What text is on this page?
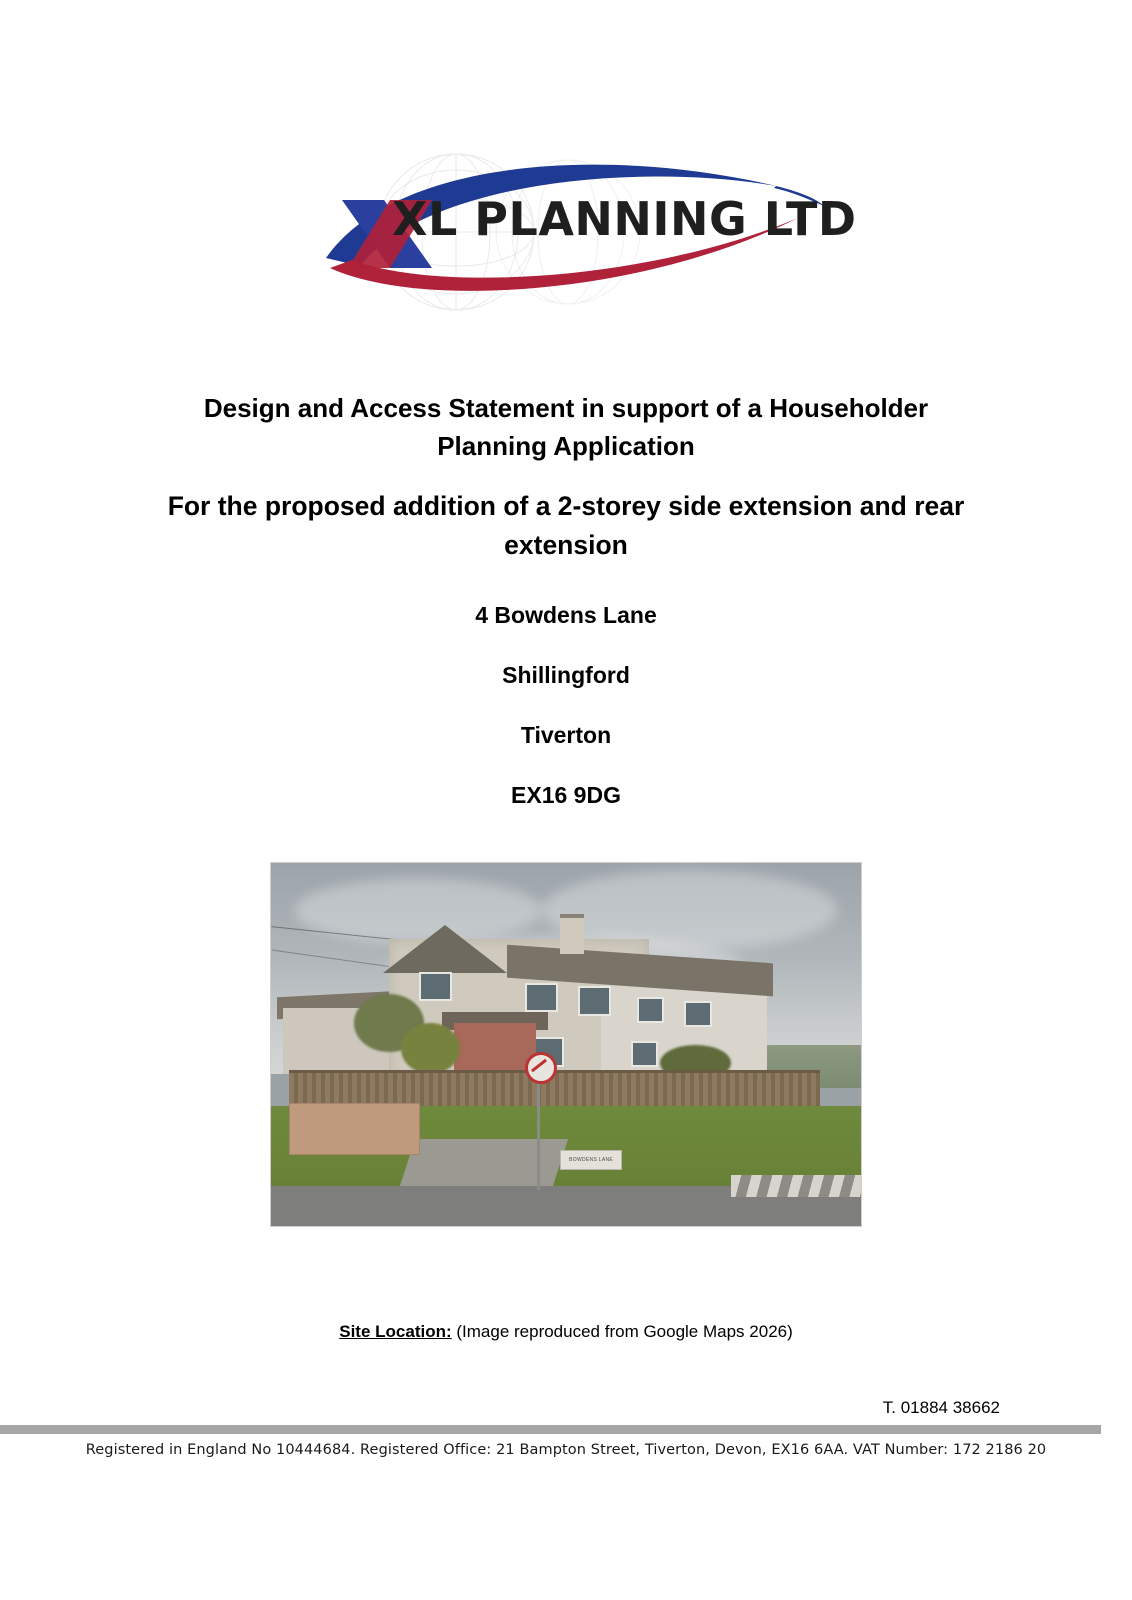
XL PLANNING LTD

Design and Access Statement in support of a Householder

Planning Application

For the proposed addition of a 2-storey side extension and rear

extension

4 Bowdens Lane

Shillingford

Tiverton

EX16 9DG

BOWDENS LANE
Site Location: (Image reproduced from Google Maps 2026)
T. 01884 38662
Registered in England No 10444684. Registered Office: 21 Bampton Street, Tiverton, Devon, EX16 6AA. VAT Number: 172 2186 20
